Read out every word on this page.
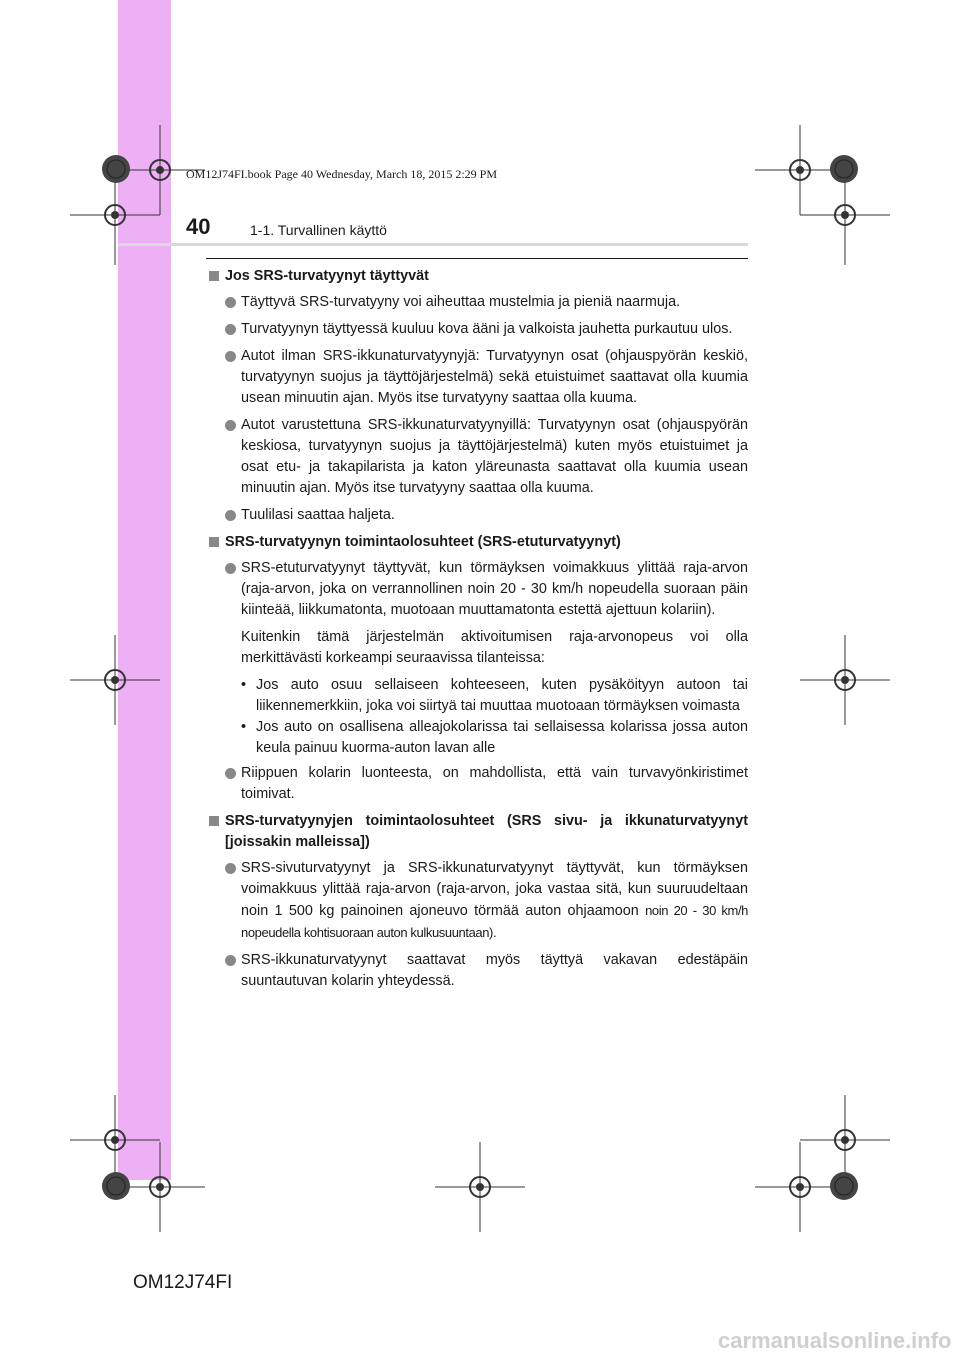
40	1-1. Turvallinen käyttö
OM12J74FI.book Page 40 Wednesday, March 18, 2015 2:29 PM
Jos SRS-turvatyynyt täyttyvät
Täyttyvä SRS-turvatyyny voi aiheuttaa mustelmia ja pieniä naarmuja.
Turvatyynyn täyttyessä kuuluu kova ääni ja valkoista jauhetta purkautuu ulos.
Autot ilman SRS-ikkunaturvatyynyjä: Turvatyynyn osat (ohjauspyörän keskiö, turvatyynyn suojus ja täyttöjärjestelmä) sekä etuistuimet saattavat olla kuumia usean minuutin ajan. Myös itse turvatyyny saattaa olla kuuma.
Autot varustettuna SRS-ikkunaturvatyynyillä: Turvatyynyn osat (ohjauspyörän keskiosa, turvatyynyn suojus ja täyttöjärjestelmä) kuten myös etuistuimet ja osat etu- ja takapilarista ja katon yläreunasta saattavat olla kuumia usean minuutin ajan. Myös itse turvatyyny saattaa olla kuuma.
Tuulilasi saattaa haljeta.
SRS-turvatyynyn toimintaolosuhteet (SRS-etuturvatyynyt)
SRS-etuturvatyynyt täyttyvät, kun törmäyksen voimakkuus ylittää raja-arvon (raja-arvon, joka on verrannollinen noin 20 - 30 km/h nopeudella suoraan päin kiinteää, liikkumatonta, muotoaan muuttamatonta estettä ajettuun kolariin).
Kuitenkin tämä järjestelmän aktivoitumisen raja-arvonopeus voi olla merkittävästi korkeampi seuraavissa tilanteissa:
• Jos auto osuu sellaiseen kohteeseen, kuten pysäköityyn autoon tai liikennemerkkiin, joka voi siirtyä tai muuttaa muotoaan törmäyksen voimasta
• Jos auto on osallisena alleajokolarissa tai sellaisessa kolarissa jossa auton keula painuu kuorma-auton lavan alle
Riippuen kolarin luonteesta, on mahdollista, että vain turvavyönkiristimet toimivat.
SRS-turvatyynyjen toimintaolosuhteet (SRS sivu- ja ikkunaturvatyynyt [joissakin malleissa])
SRS-sivuturvatyynyt ja SRS-ikkunaturvatyynyt täyttyvät, kun törmäyksen voimakkuus ylittää raja-arvon (raja-arvon, joka vastaa sitä, kun suuruudeltaan noin 1 500 kg painoinen ajoneuvo törmää auton ohjaamoon noin 20 - 30 km/h nopeudella kohtisuoraan auton kulkusuuntaan).
SRS-ikkunaturvatyynyt saattavat myös täyttyä vakavan edestäpäin suuntautuvan kolarin yhteydessä.
OM12J74FI
carmanualsonline.info
